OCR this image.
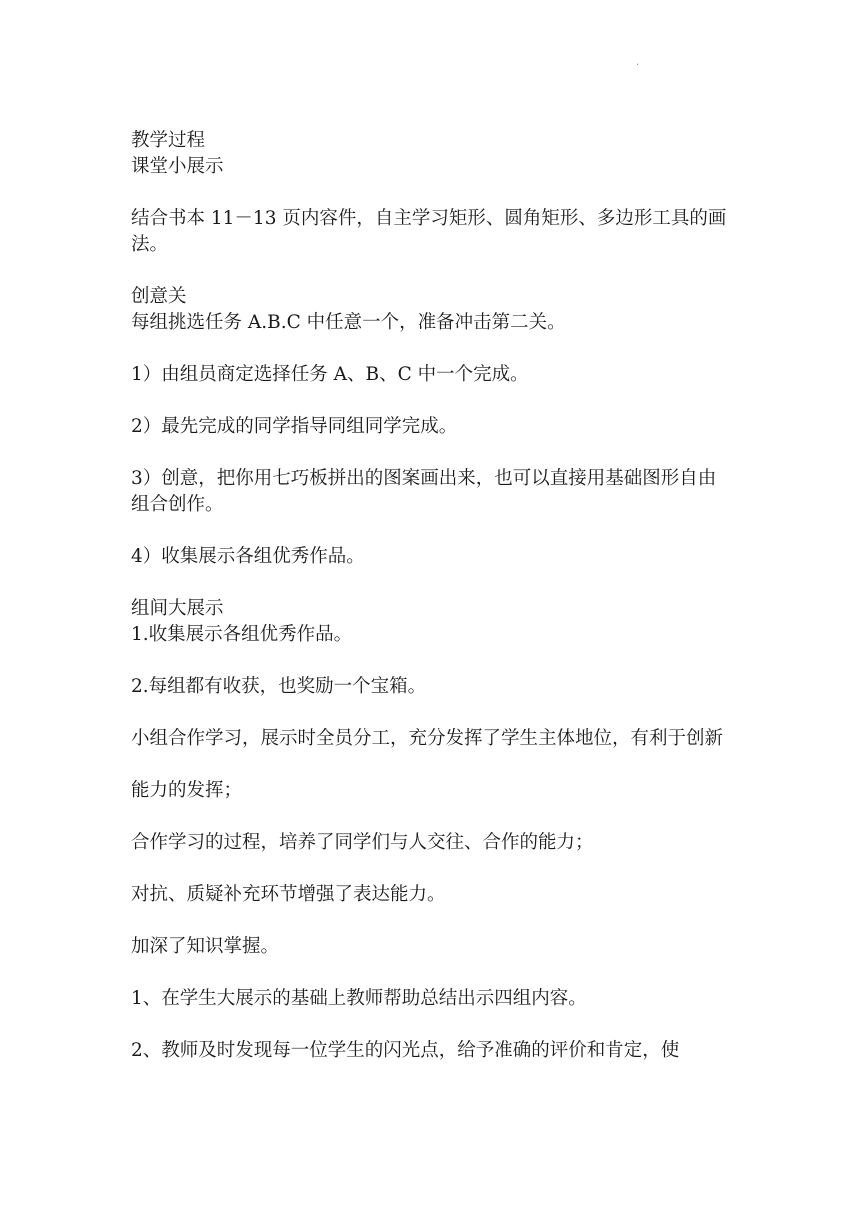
.

教学过程

课堂小展示

结合书本 11－13 页内容件，自主学习矩形、圆角矩形、多边形工具的画法。

创意关

每组挑选任务 A.B.C 中任意一个，准备冲击第二关。

1）由组员商定选择任务 A、B、C 中一个完成。

2）最先完成的同学指导同组同学完成。

3）创意，把你用七巧板拼出的图案画出来，也可以直接用基础图形自由组合创作。

4）收集展示各组优秀作品。

组间大展示

1.收集展示各组优秀作品。

2.每组都有收获，也奖励一个宝箱。

小组合作学习，展示时全员分工，充分发挥了学生主体地位，有利于创新

能力的发挥；

合作学习的过程，培养了同学们与人交往、合作的能力；

对抗、质疑补充环节增强了表达能力。

加深了知识掌握。

1、在学生大展示的基础上教师帮助总结出示四组内容。

2、教师及时发现每一位学生的闪光点，给予准确的评价和肯定，使
